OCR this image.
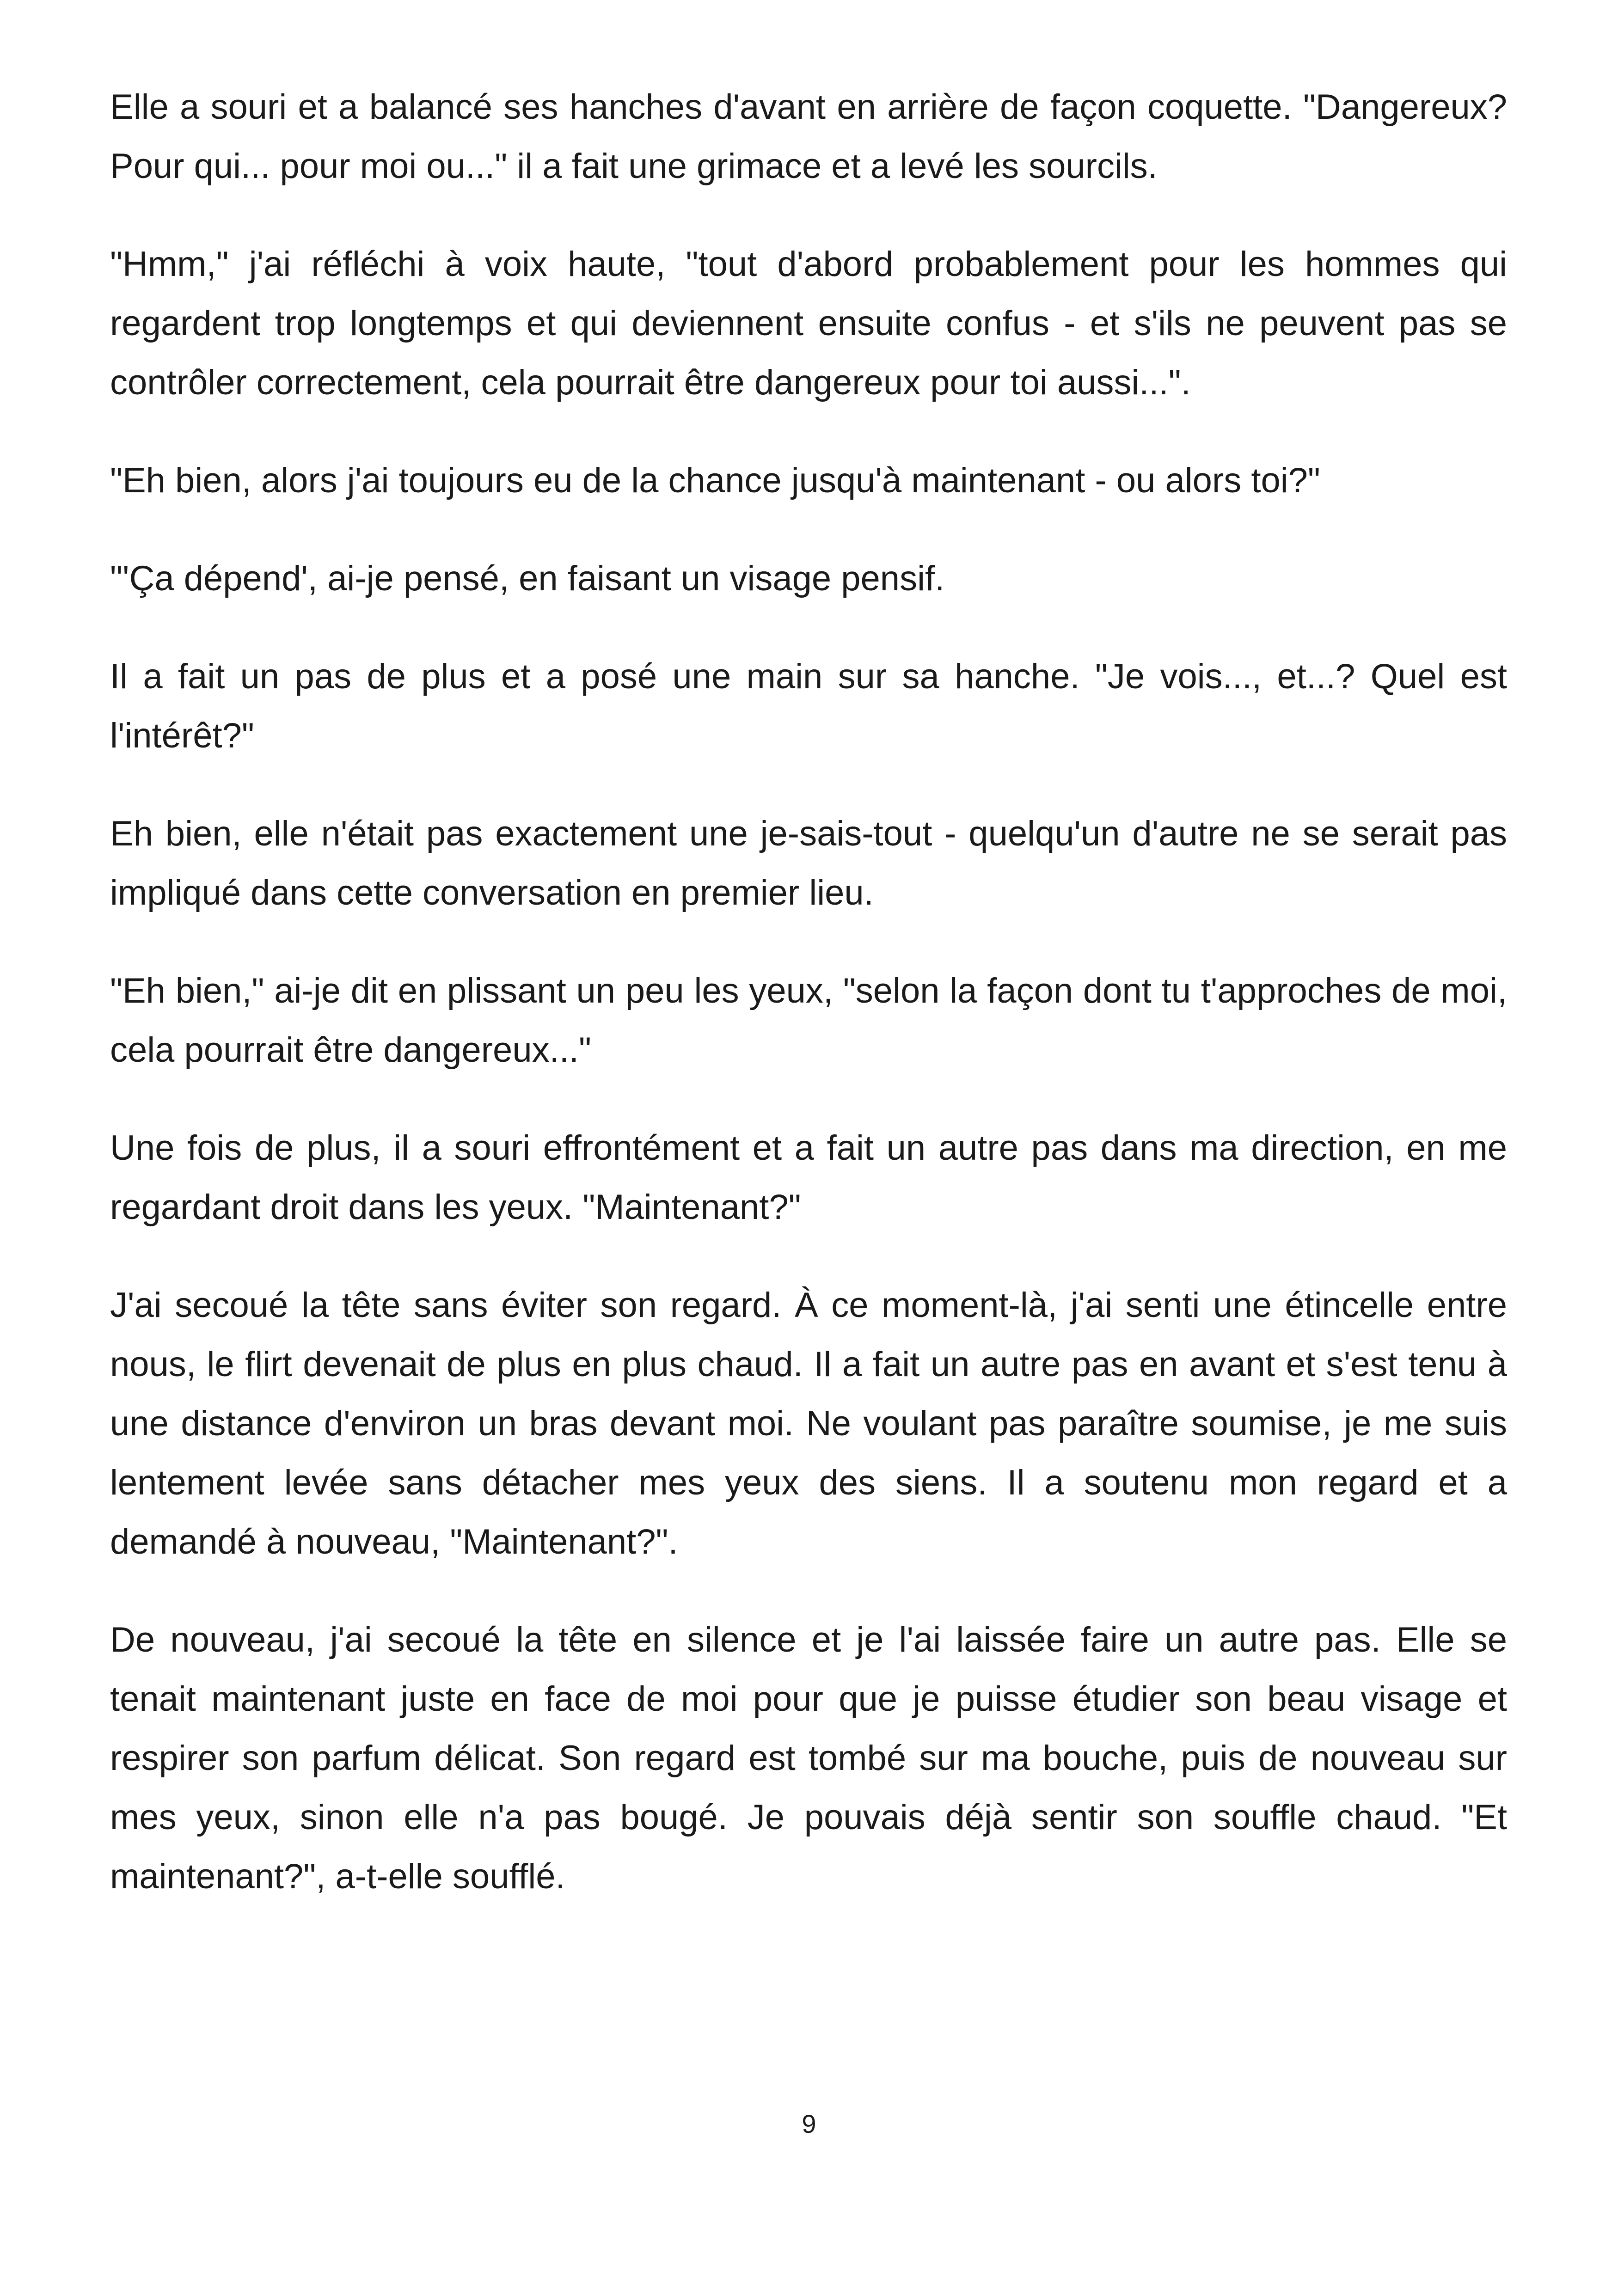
Elle a souri et a balancé ses hanches d'avant en arrière de façon coquette. "Dangereux? Pour qui... pour moi ou..." il a fait une grimace et a levé les sourcils.

"Hmm," j'ai réfléchi à voix haute, "tout d'abord probablement pour les hommes qui regardent trop longtemps et qui deviennent ensuite confus - et s'ils ne peuvent pas se contrôler correctement, cela pourrait être dangereux pour toi aussi...".

"Eh bien, alors j'ai toujours eu de la chance jusqu'à maintenant - ou alors toi?"

"'Ça dépend', ai-je pensé, en faisant un visage pensif.

Il a fait un pas de plus et a posé une main sur sa hanche. "Je vois..., et...? Quel est l'intérêt?"

Eh bien, elle n'était pas exactement une je-sais-tout - quelqu'un d'autre ne se serait pas impliqué dans cette conversation en premier lieu.

"Eh bien," ai-je dit en plissant un peu les yeux, "selon la façon dont tu t'approches de moi, cela pourrait être dangereux..."

Une fois de plus, il a souri effrontément et a fait un autre pas dans ma direction, en me regardant droit dans les yeux. "Maintenant?"

J'ai secoué la tête sans éviter son regard. À ce moment-là, j'ai senti une étincelle entre nous, le flirt devenait de plus en plus chaud. Il a fait un autre pas en avant et s'est tenu à une distance d'environ un bras devant moi. Ne voulant pas paraître soumise, je me suis lentement levée sans détacher mes yeux des siens. Il a soutenu mon regard et a demandé à nouveau, "Maintenant?".

De nouveau, j'ai secoué la tête en silence et je l'ai laissée faire un autre pas. Elle se tenait maintenant juste en face de moi pour que je puisse étudier son beau visage et respirer son parfum délicat. Son regard est tombé sur ma bouche, puis de nouveau sur mes yeux, sinon elle n'a pas bougé. Je pouvais déjà sentir son souffle chaud. "Et maintenant?", a-t-elle soufflé.

9
